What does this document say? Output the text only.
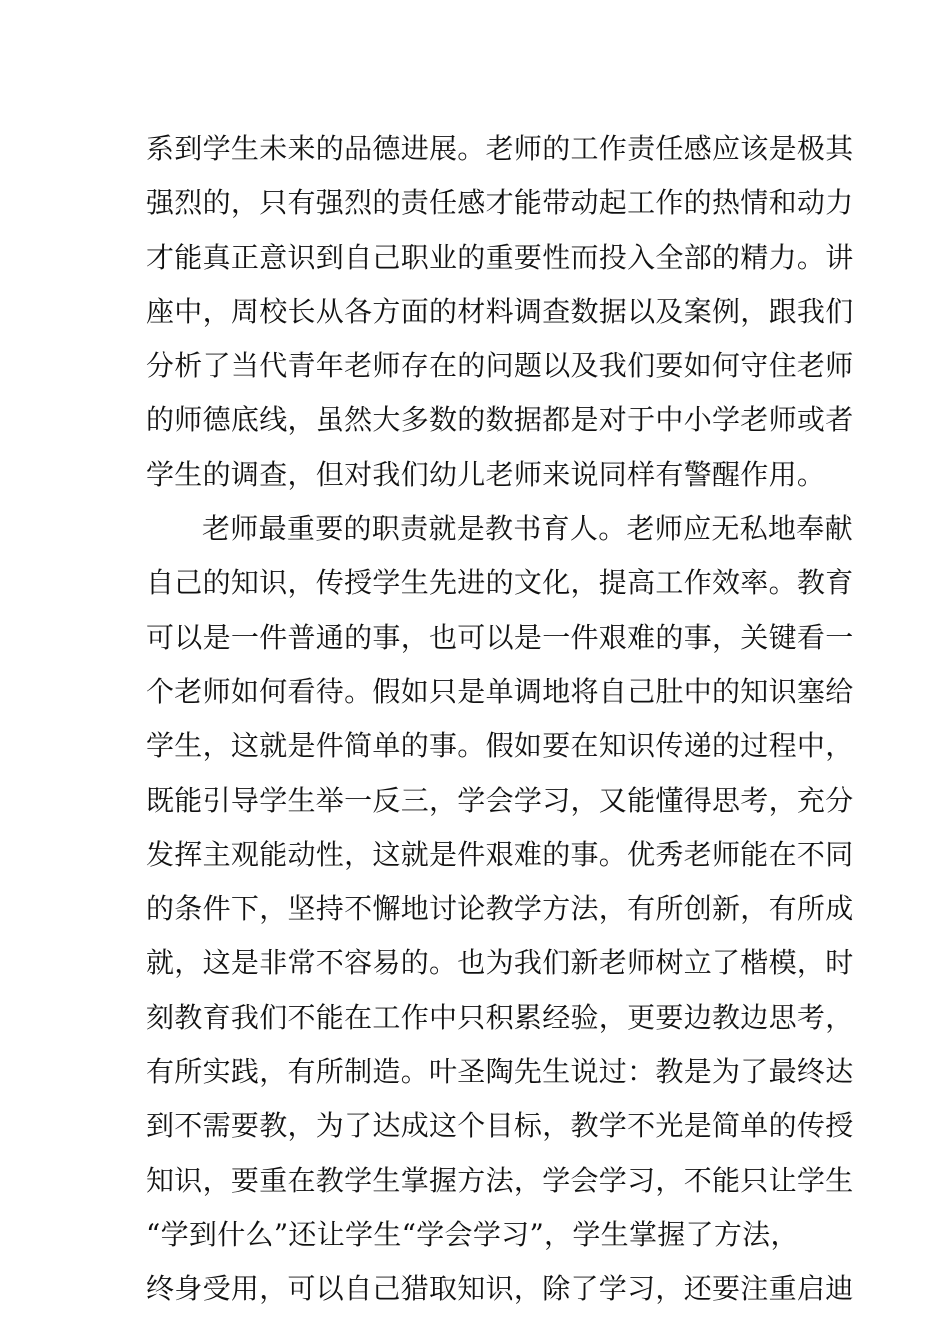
系到学生未来的品德进展。老师的工作责任感应该是极其
强烈的，只有强烈的责任感才能带动起工作的热情和动力
才能真正意识到自己职业的重要性而投入全部的精力。讲
座中，周校长从各方面的材料调查数据以及案例，跟我们
分析了当代青年老师存在的问题以及我们要如何守住老师
的师德底线，虽然大多数的数据都是对于中小学老师或者
学生的调查，但对我们幼儿老师来说同样有警醒作用。
老师最重要的职责就是教书育人。老师应无私地奉献
自己的知识，传授学生先进的文化，提高工作效率。教育
可以是一件普通的事，也可以是一件艰难的事，关键看一
个老师如何看待。假如只是单调地将自己肚中的知识塞给
学生，这就是件简单的事。假如要在知识传递的过程中，
既能引导学生举一反三，学会学习，又能懂得思考，充分
发挥主观能动性，这就是件艰难的事。优秀老师能在不同
的条件下，坚持不懈地讨论教学方法，有所创新，有所成
就，这是非常不容易的。也为我们新老师树立了楷模，时
刻教育我们不能在工作中只积累经验，更要边教边思考，
有所实践，有所制造。叶圣陶先生说过：教是为了最终达
到不需要教，为了达成这个目标，教学不光是简单的传授
知识，要重在教学生掌握方法，学会学习，不能只让学生
“学到什么”还让学生“学会学习”，学生掌握了方法，
终身受用，可以自己猎取知识，除了学习，还要注重启迪
